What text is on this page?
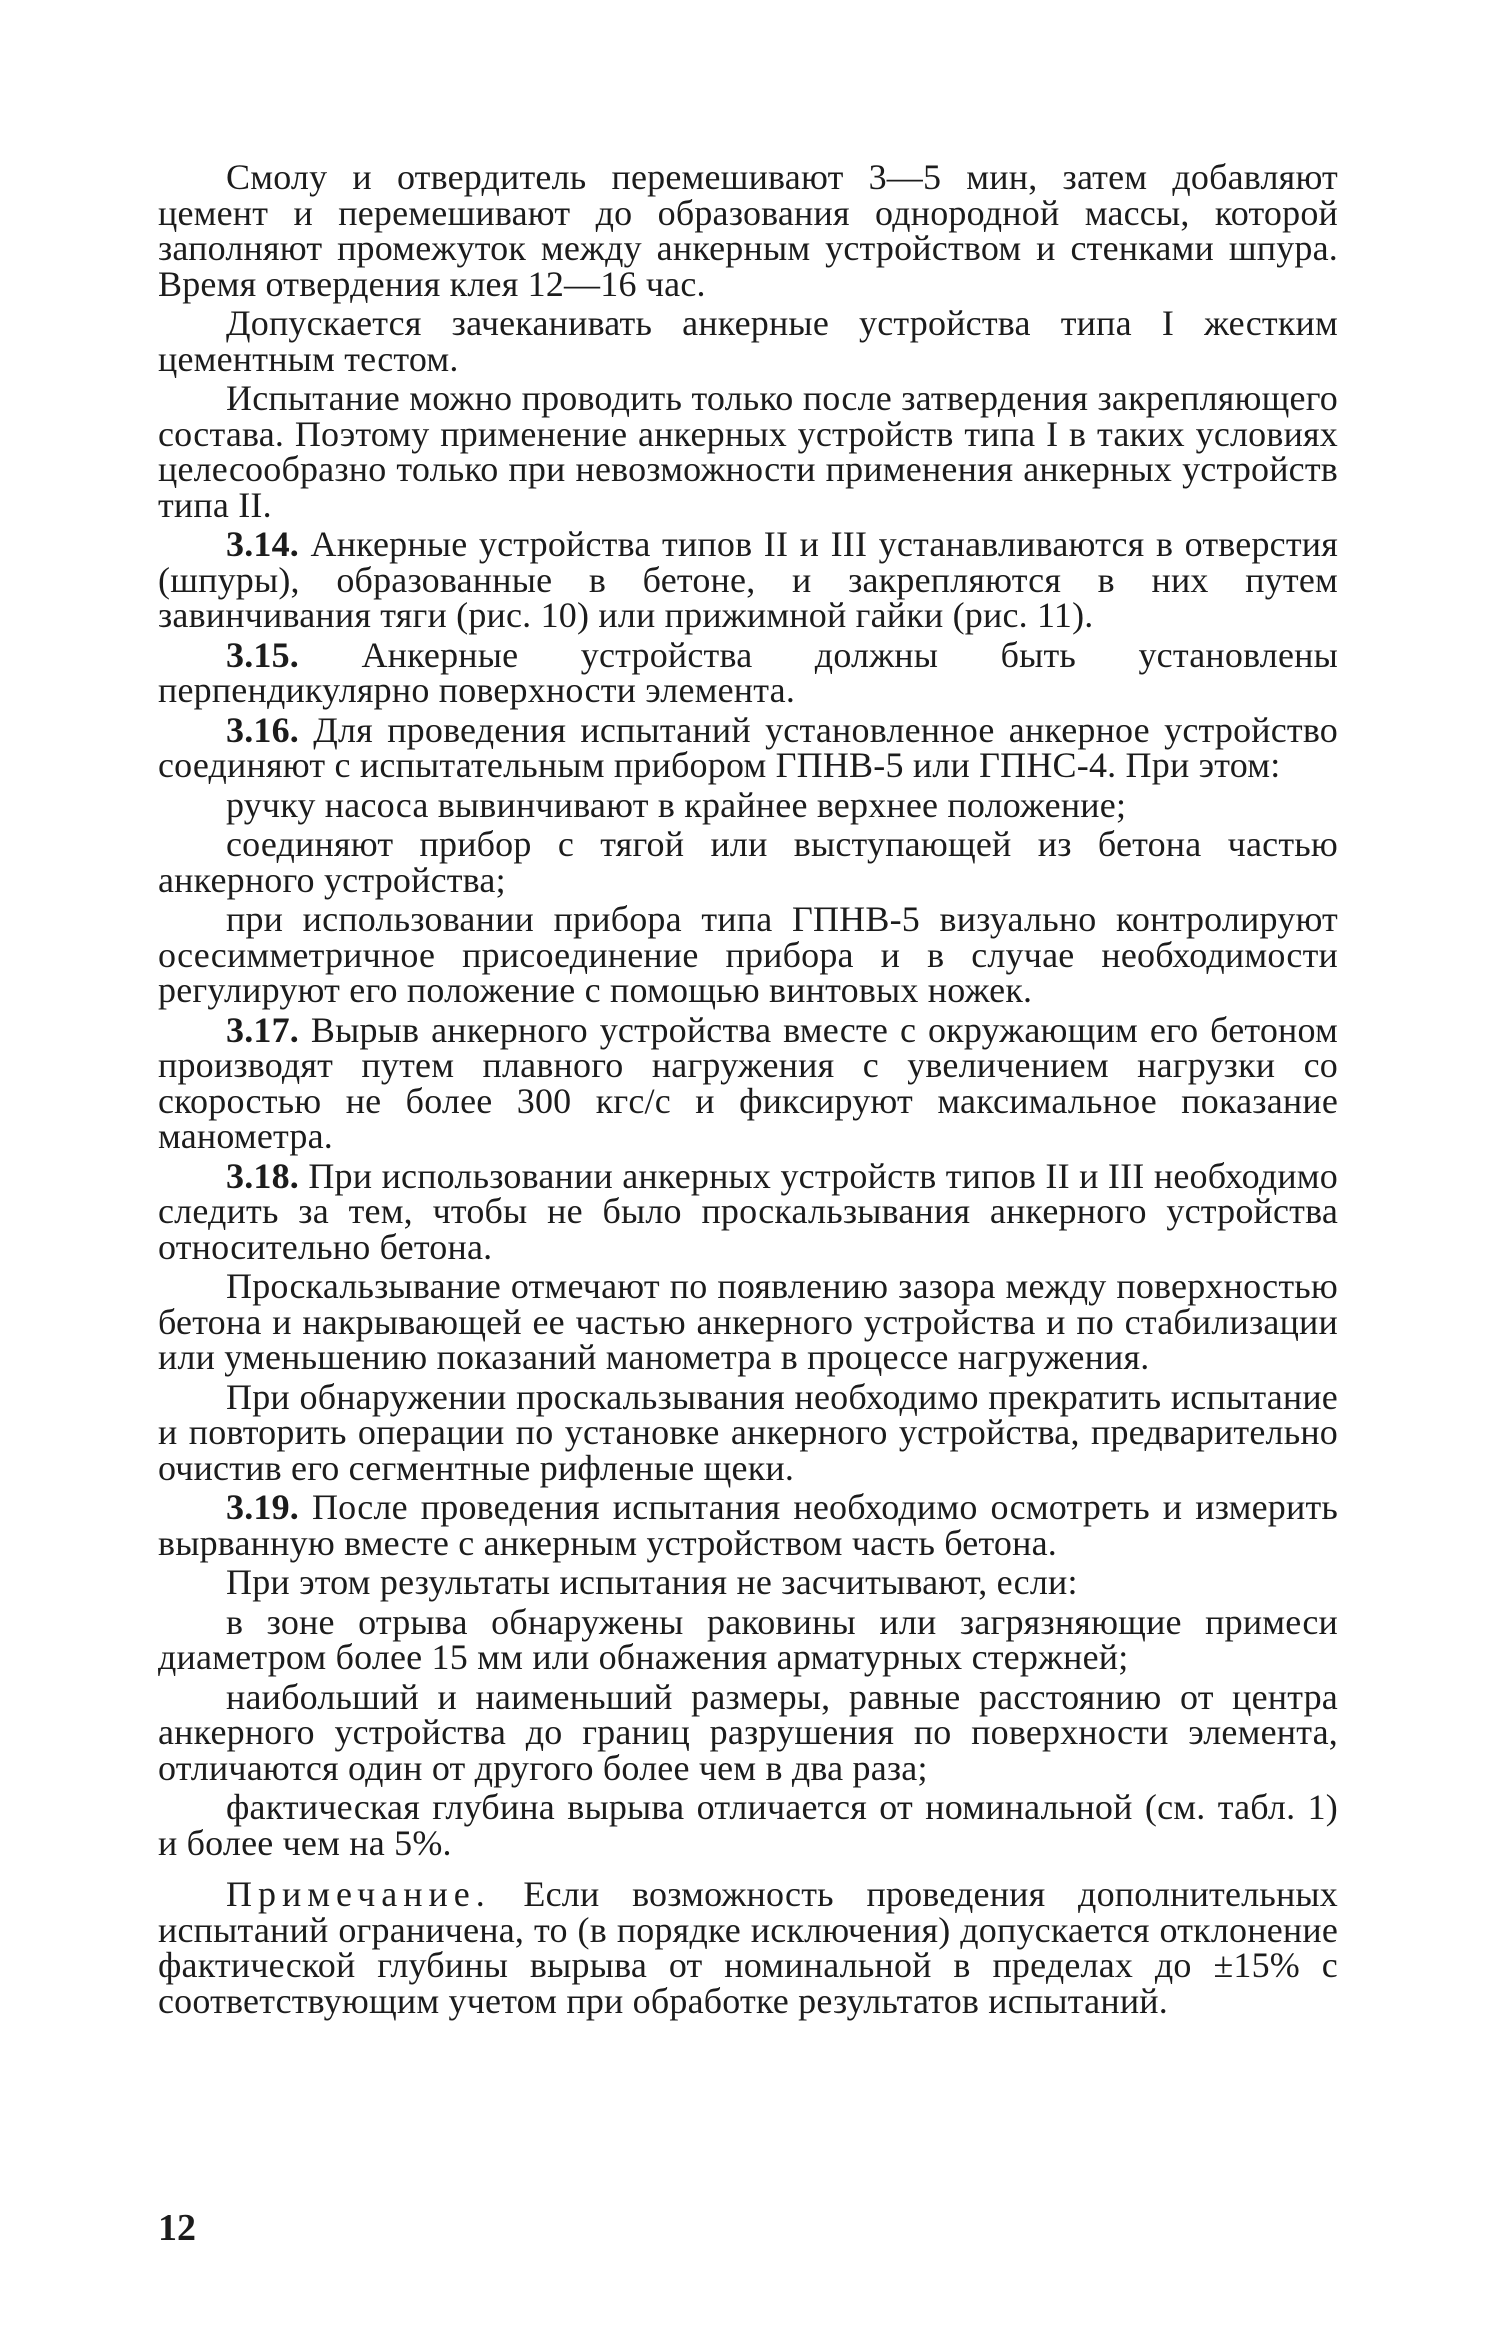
Смолу и отвердитель перемешивают 3—5 мин, затем добавляют цемент и перемешивают до образования однородной массы, которой заполняют промежуток между анкерным устройством и стенками шпура. Время отвердения клея 12—16 час.

Допускается зачеканивать анкерные устройства типа I жестким цементным тестом.

Испытание можно проводить только после затвердения закрепляющего состава. Поэтому применение анкерных устройств типа I в таких условиях целесообразно только при невозможности применения анкерных устройств типа II.

3.14. Анкерные устройства типов II и III устанавливаются в отверстия (шпуры), образованные в бетоне, и закрепляются в них путем завинчивания тяги (рис. 10) или прижимной гайки (рис. 11).

3.15. Анкерные устройства должны быть установлены перпендикулярно поверхности элемента.

3.16. Для проведения испытаний установленное анкерное устройство соединяют с испытательным прибором ГПНВ-5 или ГПНС-4. При этом:

ручку насоса вывинчивают в крайнее верхнее положение;

соединяют прибор с тягой или выступающей из бетона частью анкерного устройства;

при использовании прибора типа ГПНВ-5 визуально контролируют осесимметричное присоединение прибора и в случае необходимости регулируют его положение с помощью винтовых ножек.

3.17. Вырыв анкерного устройства вместе с окружающим его бетоном производят путем плавного нагружения с увеличением нагрузки со скоростью не более 300 кгс/с и фиксируют максимальное показание манометра.

3.18. При использовании анкерных устройств типов II и III необходимо следить за тем, чтобы не было проскальзывания анкерного устройства относительно бетона.

Проскальзывание отмечают по появлению зазора между поверхностью бетона и накрывающей ее частью анкерного устройства и по стабилизации или уменьшению показаний манометра в процессе нагружения.

При обнаружении проскальзывания необходимо прекратить испытание и повторить операции по установке анкерного устройства, предварительно очистив его сегментные рифленые щеки.

3.19. После проведения испытания необходимо осмотреть и измерить вырванную вместе с анкерным устройством часть бетона.

При этом результаты испытания не засчитывают, если:

в зоне отрыва обнаружены раковины или загрязняющие примеси диаметром более 15 мм или обнажения арматурных стержней;

наибольший и наименьший размеры, равные расстоянию от центра анкерного устройства до границ разрушения по поверхности элемента, отличаются один от другого более чем в два раза;

фактическая глубина вырыва отличается от номинальной (см. табл. 1) и более чем на 5%.

Примечание. Если возможность проведения дополнительных испытаний ограничена, то (в порядке исключения) допускается отклонение фактической глубины вырыва от номинальной в пределах до ±15% с соответствующим учетом при обработке результатов испытаний.

12
